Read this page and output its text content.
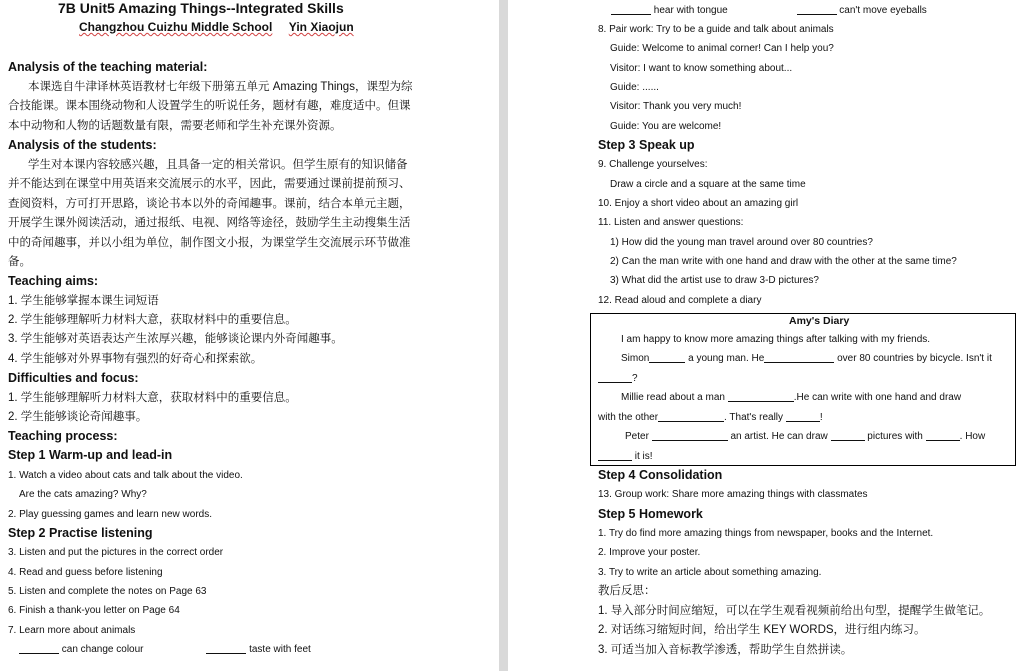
7B Unit5 Amazing Things--Integrated Skills
Changzhou Cuizhu Middle School Yin Xiaojun
Analysis of the teaching material:
本课选自牛津译林英语教材七年级下册第五单元 Amazing Things，课型为综
合技能课。课本围绕动物和人设置学生的听说任务，题材有趣，难度适中。但课
本中动物和人物的话题数量有限，需要老师和学生补充课外资源。
Analysis of the students:
学生对本课内容较感兴趣，且具备一定的相关常识。但学生原有的知识储备
并不能达到在课堂中用英语来交流展示的水平，因此，需要通过课前提前预习、
查阅资料，方可打开思路，谈论书本以外的奇闻趣事。课前，结合本单元主题，
开展学生课外阅读活动，通过报纸、电视、网络等途径，鼓励学生主动搜集生活
中的奇闻趣事，并以小组为单位，制作图文小报，为课堂学生交流展示环节做准
备。
Teaching aims:
1. 学生能够掌握本课生词短语
2. 学生能够理解听力材料大意，获取材料中的重要信息。
3. 学生能够对英语表达产生浓厚兴趣，能够谈论课内外奇闻趣事。
4. 学生能够对外界事物有强烈的好奇心和探索欲。
Difficulties and focus:
1. 学生能够理解听力材料大意，获取材料中的重要信息。
2. 学生能够谈论奇闻趣事。
Teaching process:
Step 1 Warm-up and lead-in
1. Watch a video about cats and talk about the video.
Are the cats amazing? Why?
2. Play guessing games and learn new words.
Step 2 Practise listening
3. Listen and put the pictures in the correct order
4. Read and guess before listening
5. Listen and complete the notes on Page 63
6. Finish a thank-you letter on Page 64
7. Learn more about animals
can change colour	taste with feet
hear with tongue	can't move eyeballs
8. Pair work: Try to be a guide and talk about animals
Guide: Welcome to animal corner! Can I help you?
Visitor: I want to know something about...
Guide: ......
Visitor: Thank you very much!
Guide: You are welcome!
Step 3 Speak up
9. Challenge yourselves:
Draw a circle and a square at the same time
10. Enjoy a short video about an amazing girl
11. Listen and answer questions:
1) How did the young man travel around over 80 countries?
2) Can the man write with one hand and draw with the other at the same time?
3) What did the artist use to draw 3-D pictures?
12. Read aloud and complete a diary
Amy's Diary
I am happy to know more amazing things after talking with my friends.
Simon	a young man. He	over 80 countries by bicycle. Isn't it
?
Millie read about a man	.He can write with one hand and draw
with the other	. That's really	!
Peter	an artist. He can draw	pictures with	. How
it is!
Step 4 Consolidation
13. Group work: Share more amazing things with classmates
Step 5 Homework
1. Try do find more amazing things from newspaper, books and the Internet.
2. Improve your poster.
3. Try to write an article about something amazing.
教后反思：
1. 导入部分时间应缩短，可以在学生观看视频前给出句型，提醒学生做笔记。
2. 对话练习缩短时间，给出学生 KEY WORDS，进行组内练习。
3. 可适当加入音标教学渗透，帮助学生自然拼读。
